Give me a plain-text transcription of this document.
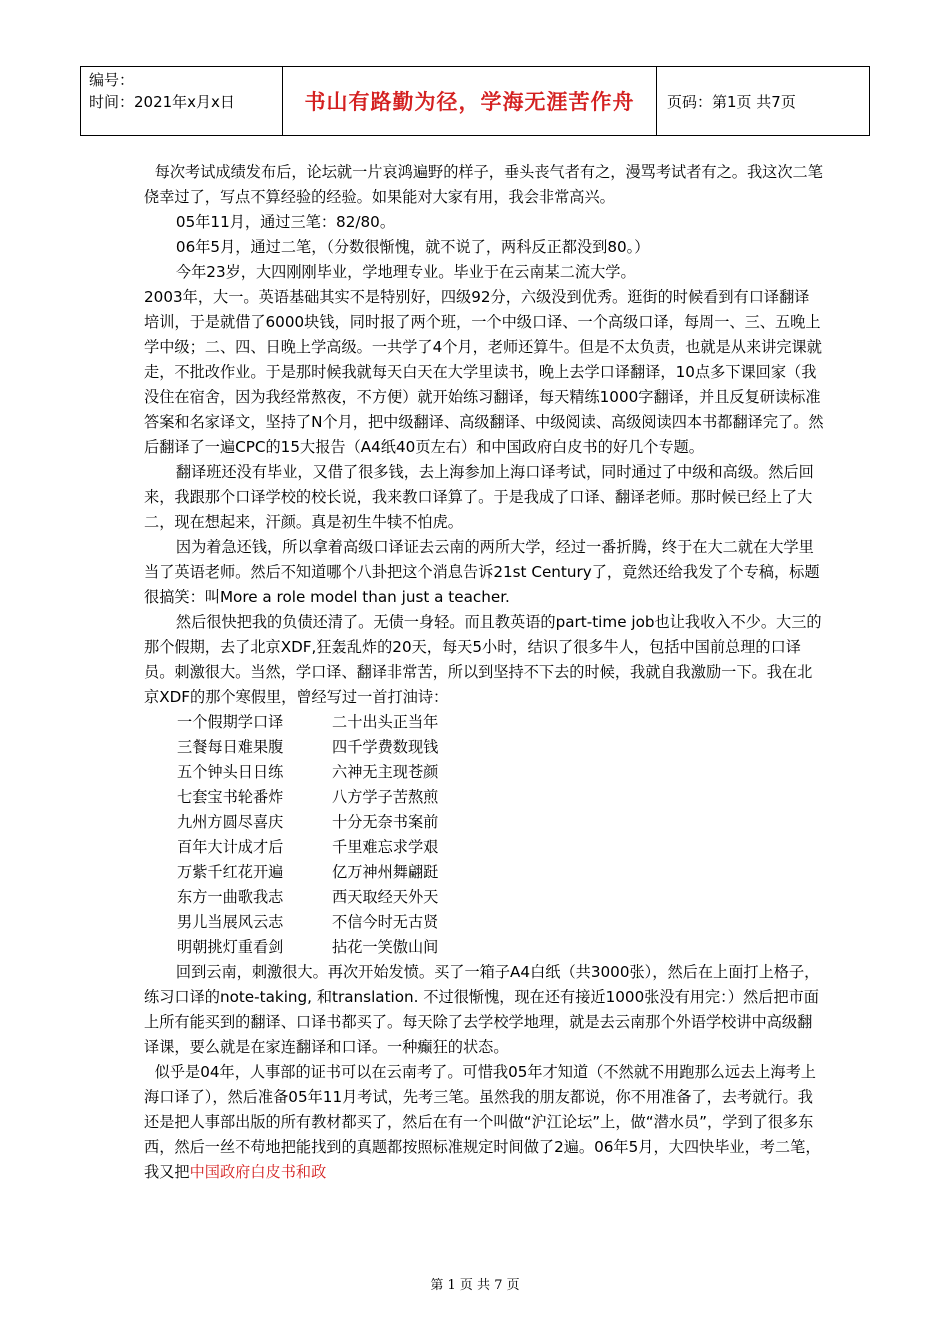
编号：
时间：2021年x月x日	书山有路勤为径，学海无涯苦作舟 页码：第1页 共7页

每次考试成绩发布后，论坛就一片哀鸿遍野的样子，垂头丧气者有之，漫骂考试者有之。我这次二笔侥幸过了，写点不算经验的经验。如果能对大家有用，我会非常高兴。

05年11月，通过三笔：82/80。

06年5月，通过二笔，（分数很惭愧，就不说了，两科反正都没到80。）

今年23岁，大四刚刚毕业，学地理专业。毕业于在云南某二流大学。

2003年，大一。英语基础其实不是特别好，四级92分，六级没到优秀。逛街的时候看到有口译翻译培训，于是就借了6000块钱，同时报了两个班，一个中级口译、一个高级口译，每周一、三、五晚上学中级；二、四、日晚上学高级。一共学了4个月，老师还算牛。但是不太负责，也就是从来讲完课就走，不批改作业。于是那时候我就每天白天在大学里读书，晚上去学口译翻译，10点多下课回家（我没住在宿舍，因为我经常熬夜，不方便）就开始练习翻译，每天精练1000字翻译，并且反复研读标准答案和名家译文，坚持了N个月，把中级翻译、高级翻译、中级阅读、高级阅读四本书都翻译完了。然后翻译了一遍CPC的15大报告（A4纸40页左右）和中国政府白皮书的好几个专题。

翻译班还没有毕业，又借了很多钱，去上海参加上海口译考试，同时通过了中级和高级。然后回来，我跟那个口译学校的校长说，我来教口译算了。于是我成了口译、翻译老师。那时候已经上了大二，现在想起来，汗颜。真是初生牛犊不怕虎。

因为着急还钱，所以拿着高级口译证去云南的两所大学，经过一番折腾，终于在大二就在大学里当了英语老师。然后不知道哪个八卦把这个消息告诉21st Century了，竟然还给我发了个专稿，标题很搞笑：叫More a role model than just a teacher.

然后很快把我的负债还清了。无债一身轻。而且教英语的part-time job也让我收入不少。大三的那个假期，去了北京XDF,狂轰乱炸的20天，每天5小时，结识了很多牛人，包括中国前总理的口译员。刺激很大。当然，学口译、翻译非常苦，所以到坚持不下去的时候，我就自我激励一下。我在北京XDF的那个寒假里，曾经写过一首打油诗：

一个假期学口译	二十出头正当年
三餐每日难果腹	四千学费数现钱
五个钟头日日练	六神无主现苍颜
七套宝书轮番炸	八方学子苦熬煎
九州方圆尽喜庆	十分无奈书案前
百年大计成才后	千里难忘求学艰
万紫千红花开遍	亿万神州舞翩跹
东方一曲歌我志	西天取经天外天
男儿当展风云志	不信今时无古贤
明朝挑灯重看剑	拈花一笑傲山间

回到云南，刺激很大。再次开始发愤。买了一箱子A4白纸（共3000张），然后在上面打上格子，练习口译的note-taking, 和translation. 不过很惭愧，现在还有接近1000张没有用完：）然后把市面上所有能买到的翻译、口译书都买了。每天除了去学校学地理，就是去云南那个外语学校讲中高级翻译课，要么就是在家连翻译和口译。一种癫狂的状态。

似乎是04年，人事部的证书可以在云南考了。可惜我05年才知道（不然就不用跑那么远去上海考上海口译了），然后准备05年11月考试，先考三笔。虽然我的朋友都说，你不用准备了，去考就行。我还是把人事部出版的所有教材都买了，然后在有一个叫做“沪江论坛”上，做“潜水员”，学到了很多东西，然后一丝不苟地把能找到的真题都按照标准规定时间做了2遍。06年5月，大四快毕业，考二笔，我又把中国政府白皮书和政

第 1 页 共 7 页
